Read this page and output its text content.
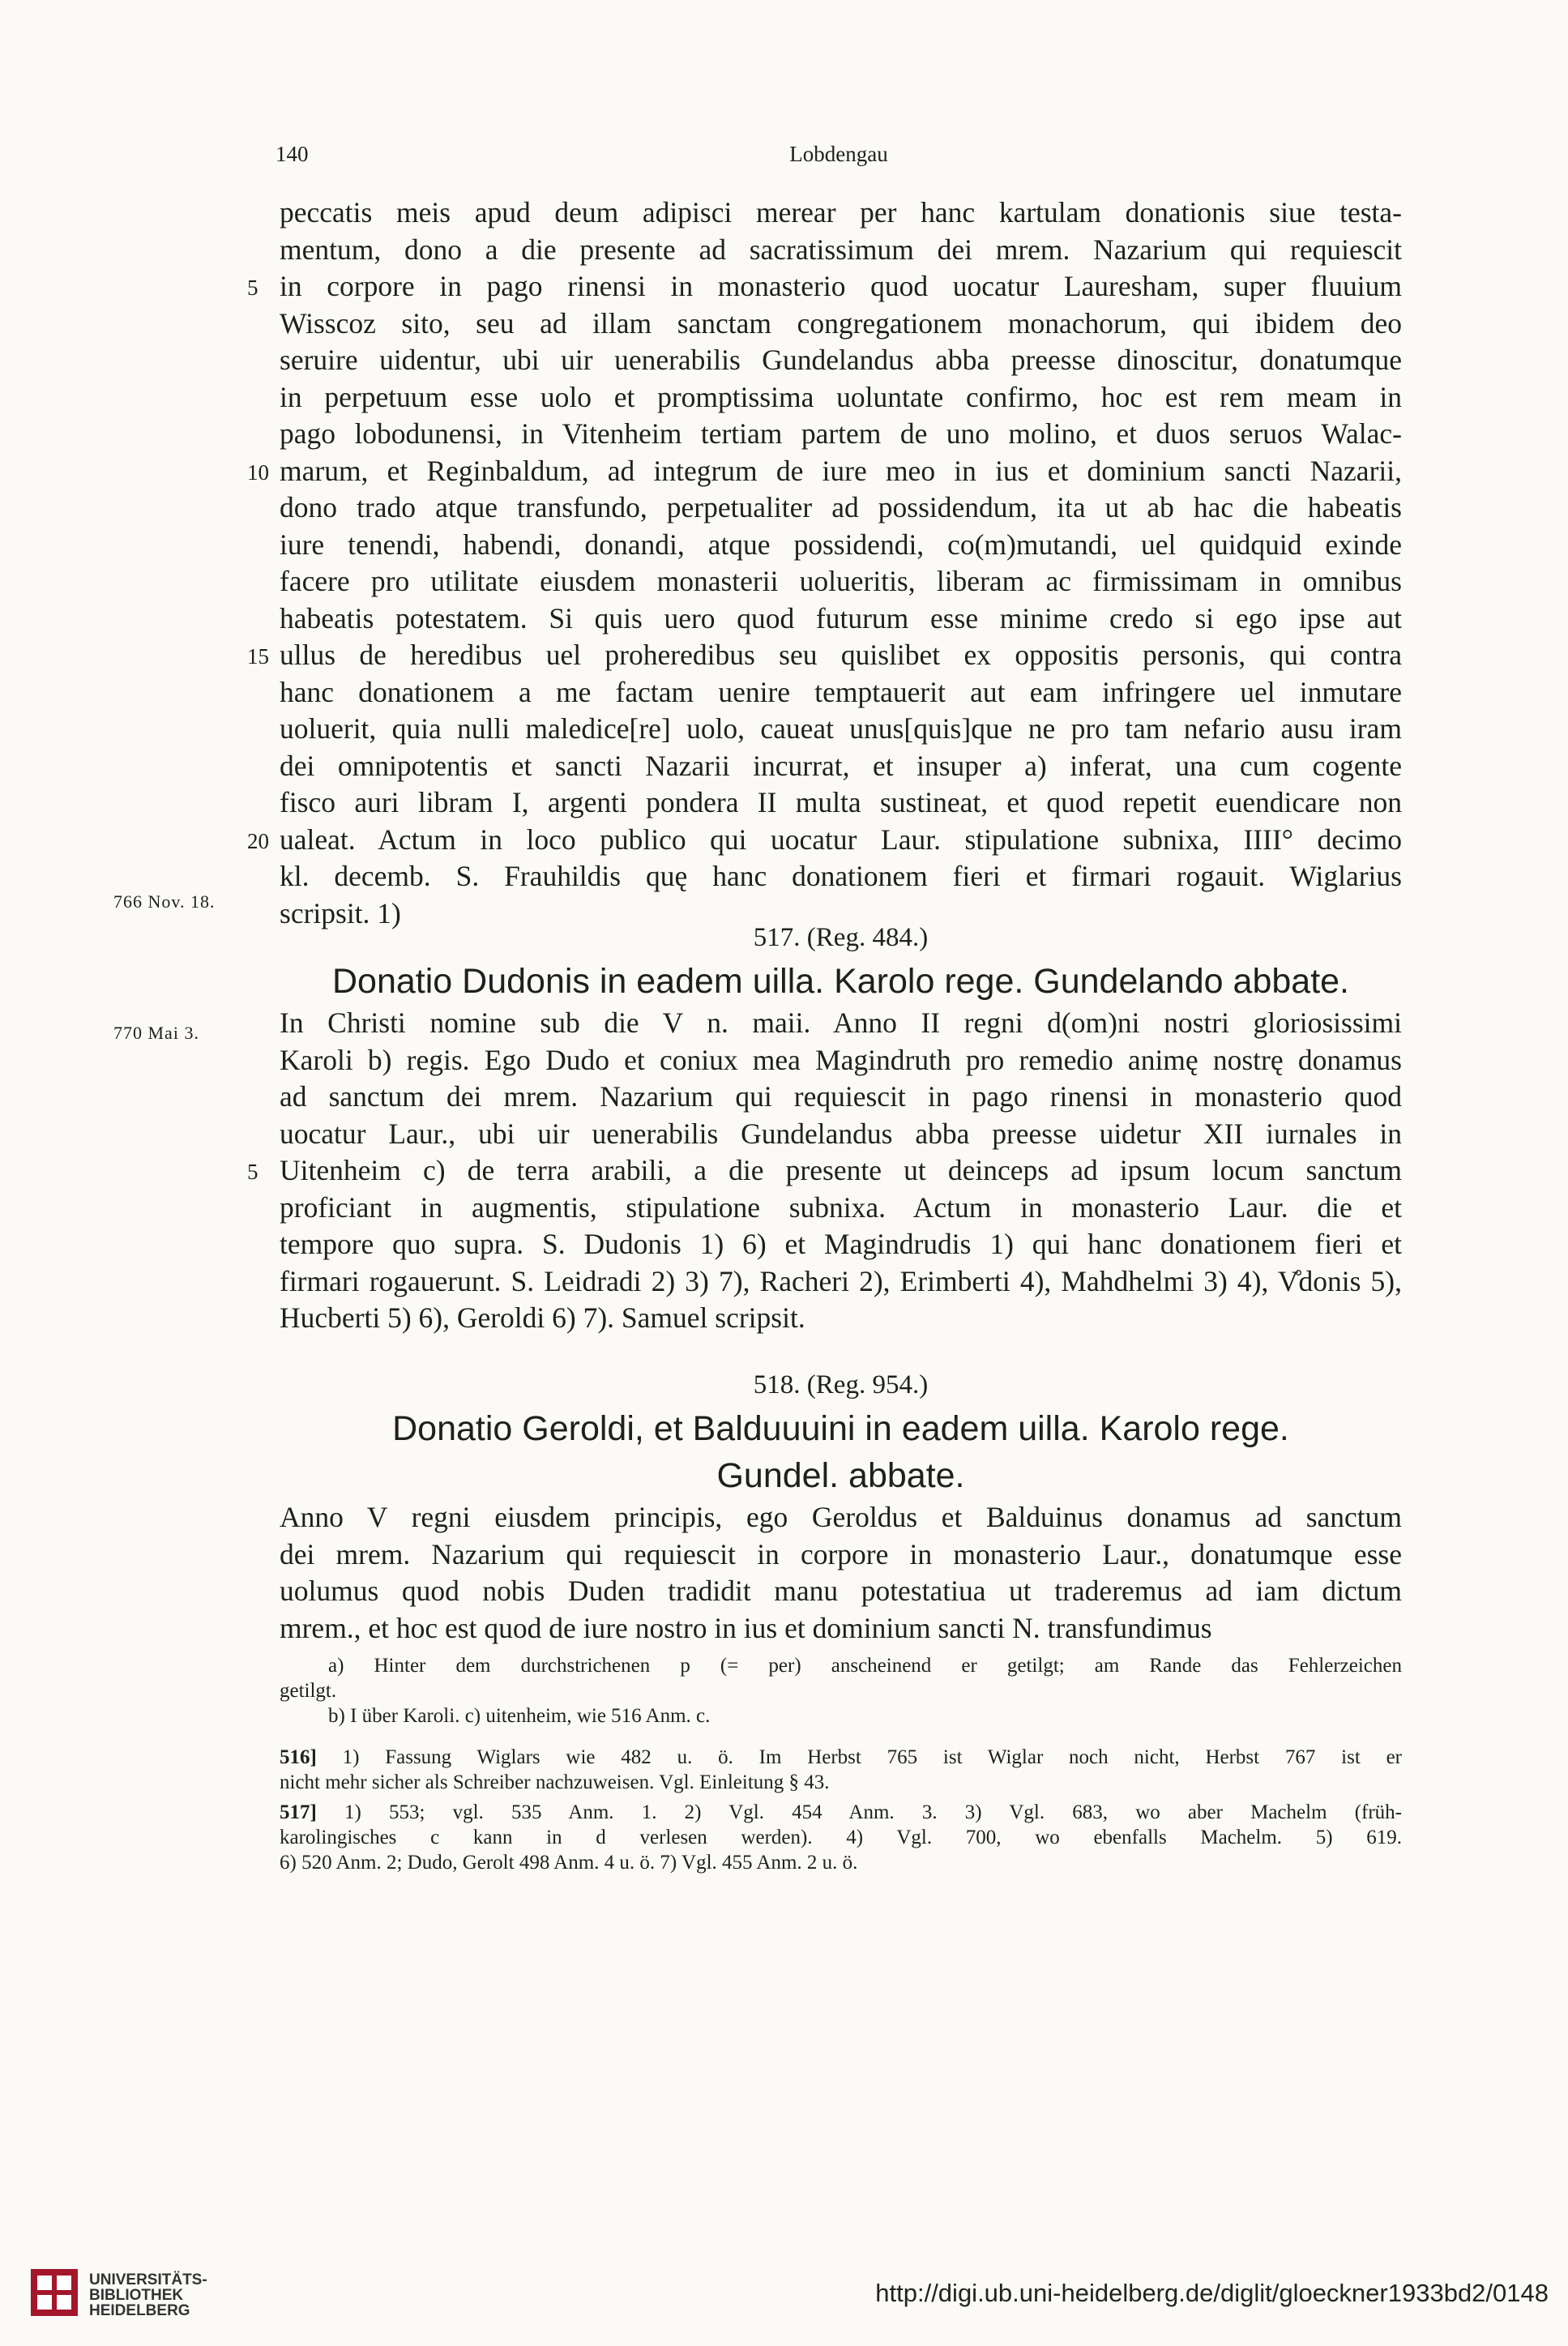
140	Lobdengau
peccatis meis apud deum adipisci merear per hanc kartulam donationis siue testa-
mentum, dono a die presente ad sacratissimum dei mrem. Nazarium qui requiescit
5 in corpore in pago rinensi in monasterio quod uocatur Lauresham, super fluuium
Wisscoz sito, seu ad illam sanctam congregationem monachorum, qui ibidem deo
seruire uidentur, ubi uir uenerabilis Gundelandus abba preesse dinoscitur, donatumque
in perpetuum esse uolo et promptissima uoluntate confirmo, hoc est rem meam in
pago lobodunensi, in Vitenheim tertiam partem de uno molino, et duos seruos Walac-
10 marum, et Reginbaldum, ad integrum de iure meo in ius et dominium sancti Nazarii,
dono trado atque transfundo, perpetualiter ad possidendum, ita ut ab hac die habeatis
iure tenendi, habendi, donandi, atque possidendi, co(m)mutandi, uel quidquid exinde
facere pro utilitate eiusdem monasterii uolueritis, liberam ac firmissimam in omnibus
habeatis potestatem. Si quis uero quod futurum esse minime credo si ego ipse aut
15 ullus de heredibus uel proheredibus seu quislibet ex oppositis personis, qui contra
hanc donationem a me factam uenire temptauerit aut eam infringere uel inmutare
uoluerit, quia nulli maledice[re] uolo, caueat unus[quis]que ne pro tam nefario ausu iram
dei omnipotentis et sancti Nazarii incurrat, et insuper a) inferat, una cum cogente
fisco auri libram I, argenti pondera II multa sustineat, et quod repetit euendicare non
20 ualeat. Actum in loco publico qui uocatur Laur. stipulatione subnixa, IIII° decimo
kl. decemb. S. Frauhildis quę hanc donationem fieri et firmari rogauit. Wiglarius
scripsit. 1)
766 Nov. 18.
517. (Reg. 484.)
Donatio Dudonis in eadem uilla. Karolo rege. Gundelando abbate.
In Christi nomine sub die V n. maii. Anno II regni d(om)ni nostri gloriosissimi
Karoli b) regis. Ego Dudo et coniux mea Magindruth pro remedio animę nostrę donamus
ad sanctum dei mrem. Nazarium qui requiescit in pago rinensi in monasterio quod
uocatur Laur., ubi uir uenerabilis Gundelandus abba preesse uidetur XII iurnales in
5 Uitenheim c) de terra arabili, a die presente ut deinceps ad ipsum locum sanctum
proficiant in augmentis, stipulatione subnixa. Actum in monasterio Laur. die et
tempore quo supra. S. Dudonis 1) 6) et Magindrudis 1) qui hanc donationem fieri et
firmari rogauerunt. S. Leidradi 2) 3) 7), Racheri 2), Erimberti 4), Mahdhelmi 3) 4), V̊donis 5),
Hucberti 5) 6), Geroldi 6) 7). Samuel scripsit.
770 Mai 3.
518. (Reg. 954.)
Donatio Geroldi, et Balduuuini in eadem uilla. Karolo rege.
Gundel. abbate.
Anno V regni eiusdem principis, ego Geroldus et Balduinus donamus ad sanctum
dei mrem. Nazarium qui requiescit in corpore in monasterio Laur., donatumque esse
uolumus quod nobis Duden tradidit manu potestatiua ut traderemus ad iam dictum
mrem., et hoc est quod de iure nostro in ius et dominium sancti N. transfundimus
a) Hinter dem durchstrichenen p (= per) anscheinend er getilgt; am Rande das Fehlerzeichen
getilgt.
b) I über Karoli. c) uitenheim, wie 516 Anm. c.
516] 1) Fassung Wiglars wie 482 u. ö. Im Herbst 765 ist Wiglar noch nicht, Herbst 767 ist er
nicht mehr sicher als Schreiber nachzuweisen. Vgl. Einleitung § 43.
517] 1) 553; vgl. 535 Anm. 1. 2) Vgl. 454 Anm. 3. 3) Vgl. 683, wo aber Machelm (früh-
karolingisches c kann in d verlesen werden). 4) Vgl. 700, wo ebenfalls Machelm. 5) 619.
6) 520 Anm. 2; Dudo, Gerolt 498 Anm. 4 u. ö. 7) Vgl. 455 Anm. 2 u. ö.
UNIVERSITÄTS-
BIBLIOTHEK
HEIDELBERG
http://digi.ub.uni-heidelberg.de/diglit/gloeckner1933bd2/0148
